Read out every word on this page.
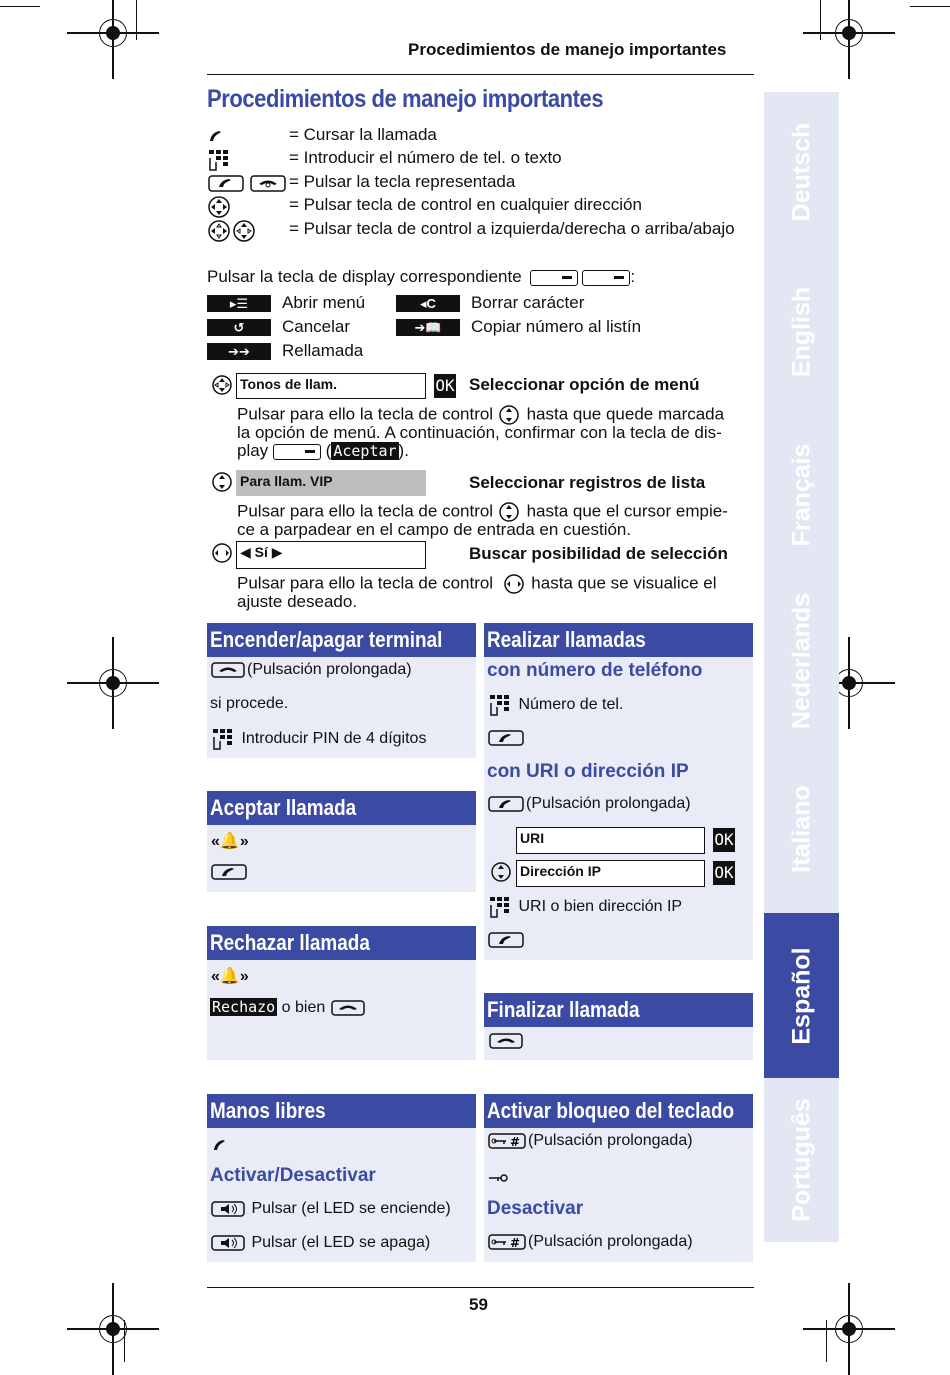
Procedimientos de manejo importantes
Procedimientos de manejo importantes
= Cursar la llamada
= Introducir el número de tel. o texto
= Pulsar la tecla representada
= Pulsar tecla de control en cualquier dirección
= Pulsar tecla de control a izquierda/derecha o arriba/abajo
Pulsar la tecla de display correspondiente	:
▸☰	Abrir menú	◂C	Borrar carácter
↺	Cancelar	➔📖	Copiar número al listín
➔➔	Rellamada
Tonos de llam.	OK Seleccionar opción de menú
Pulsar para ello la tecla de control hasta que quede marcada
la opción de menú. A continuación, confirmar con la tecla de dis-
play	( Aceptar ).
Para llam. VIP	Seleccionar registros de lista
Pulsar para ello la tecla de control hasta que el cursor empie-
ce a parpadear en el campo de entrada en cuestión.
◀ Sí ▶	Buscar posibilidad de selección
Pulsar para ello la tecla de control hasta que se visualice el
ajuste deseado.
Encender/apagar terminal
(Pulsación prolongada)
si procede.
Introducir PIN de 4 dígitos
Aceptar llamada
«🔔»
Rechazar llamada
«🔔»
Rechazo o bien
Manos libres
Activar/Desactivar
Pulsar (el LED se enciende)
Pulsar (el LED se apaga)
Realizar llamadas
con número de teléfono
Número de tel.
con URI o dirección IP
(Pulsación prolongada)
URI	OK
Dirección IP	OK
URI o bien dirección IP
Finalizar llamada
Activar bloqueo del teclado
# (Pulsación prolongada)
Desactivar
# (Pulsación prolongada)
Deutsch
English
Français
Nederlands
Italiano
Español
Português
59
